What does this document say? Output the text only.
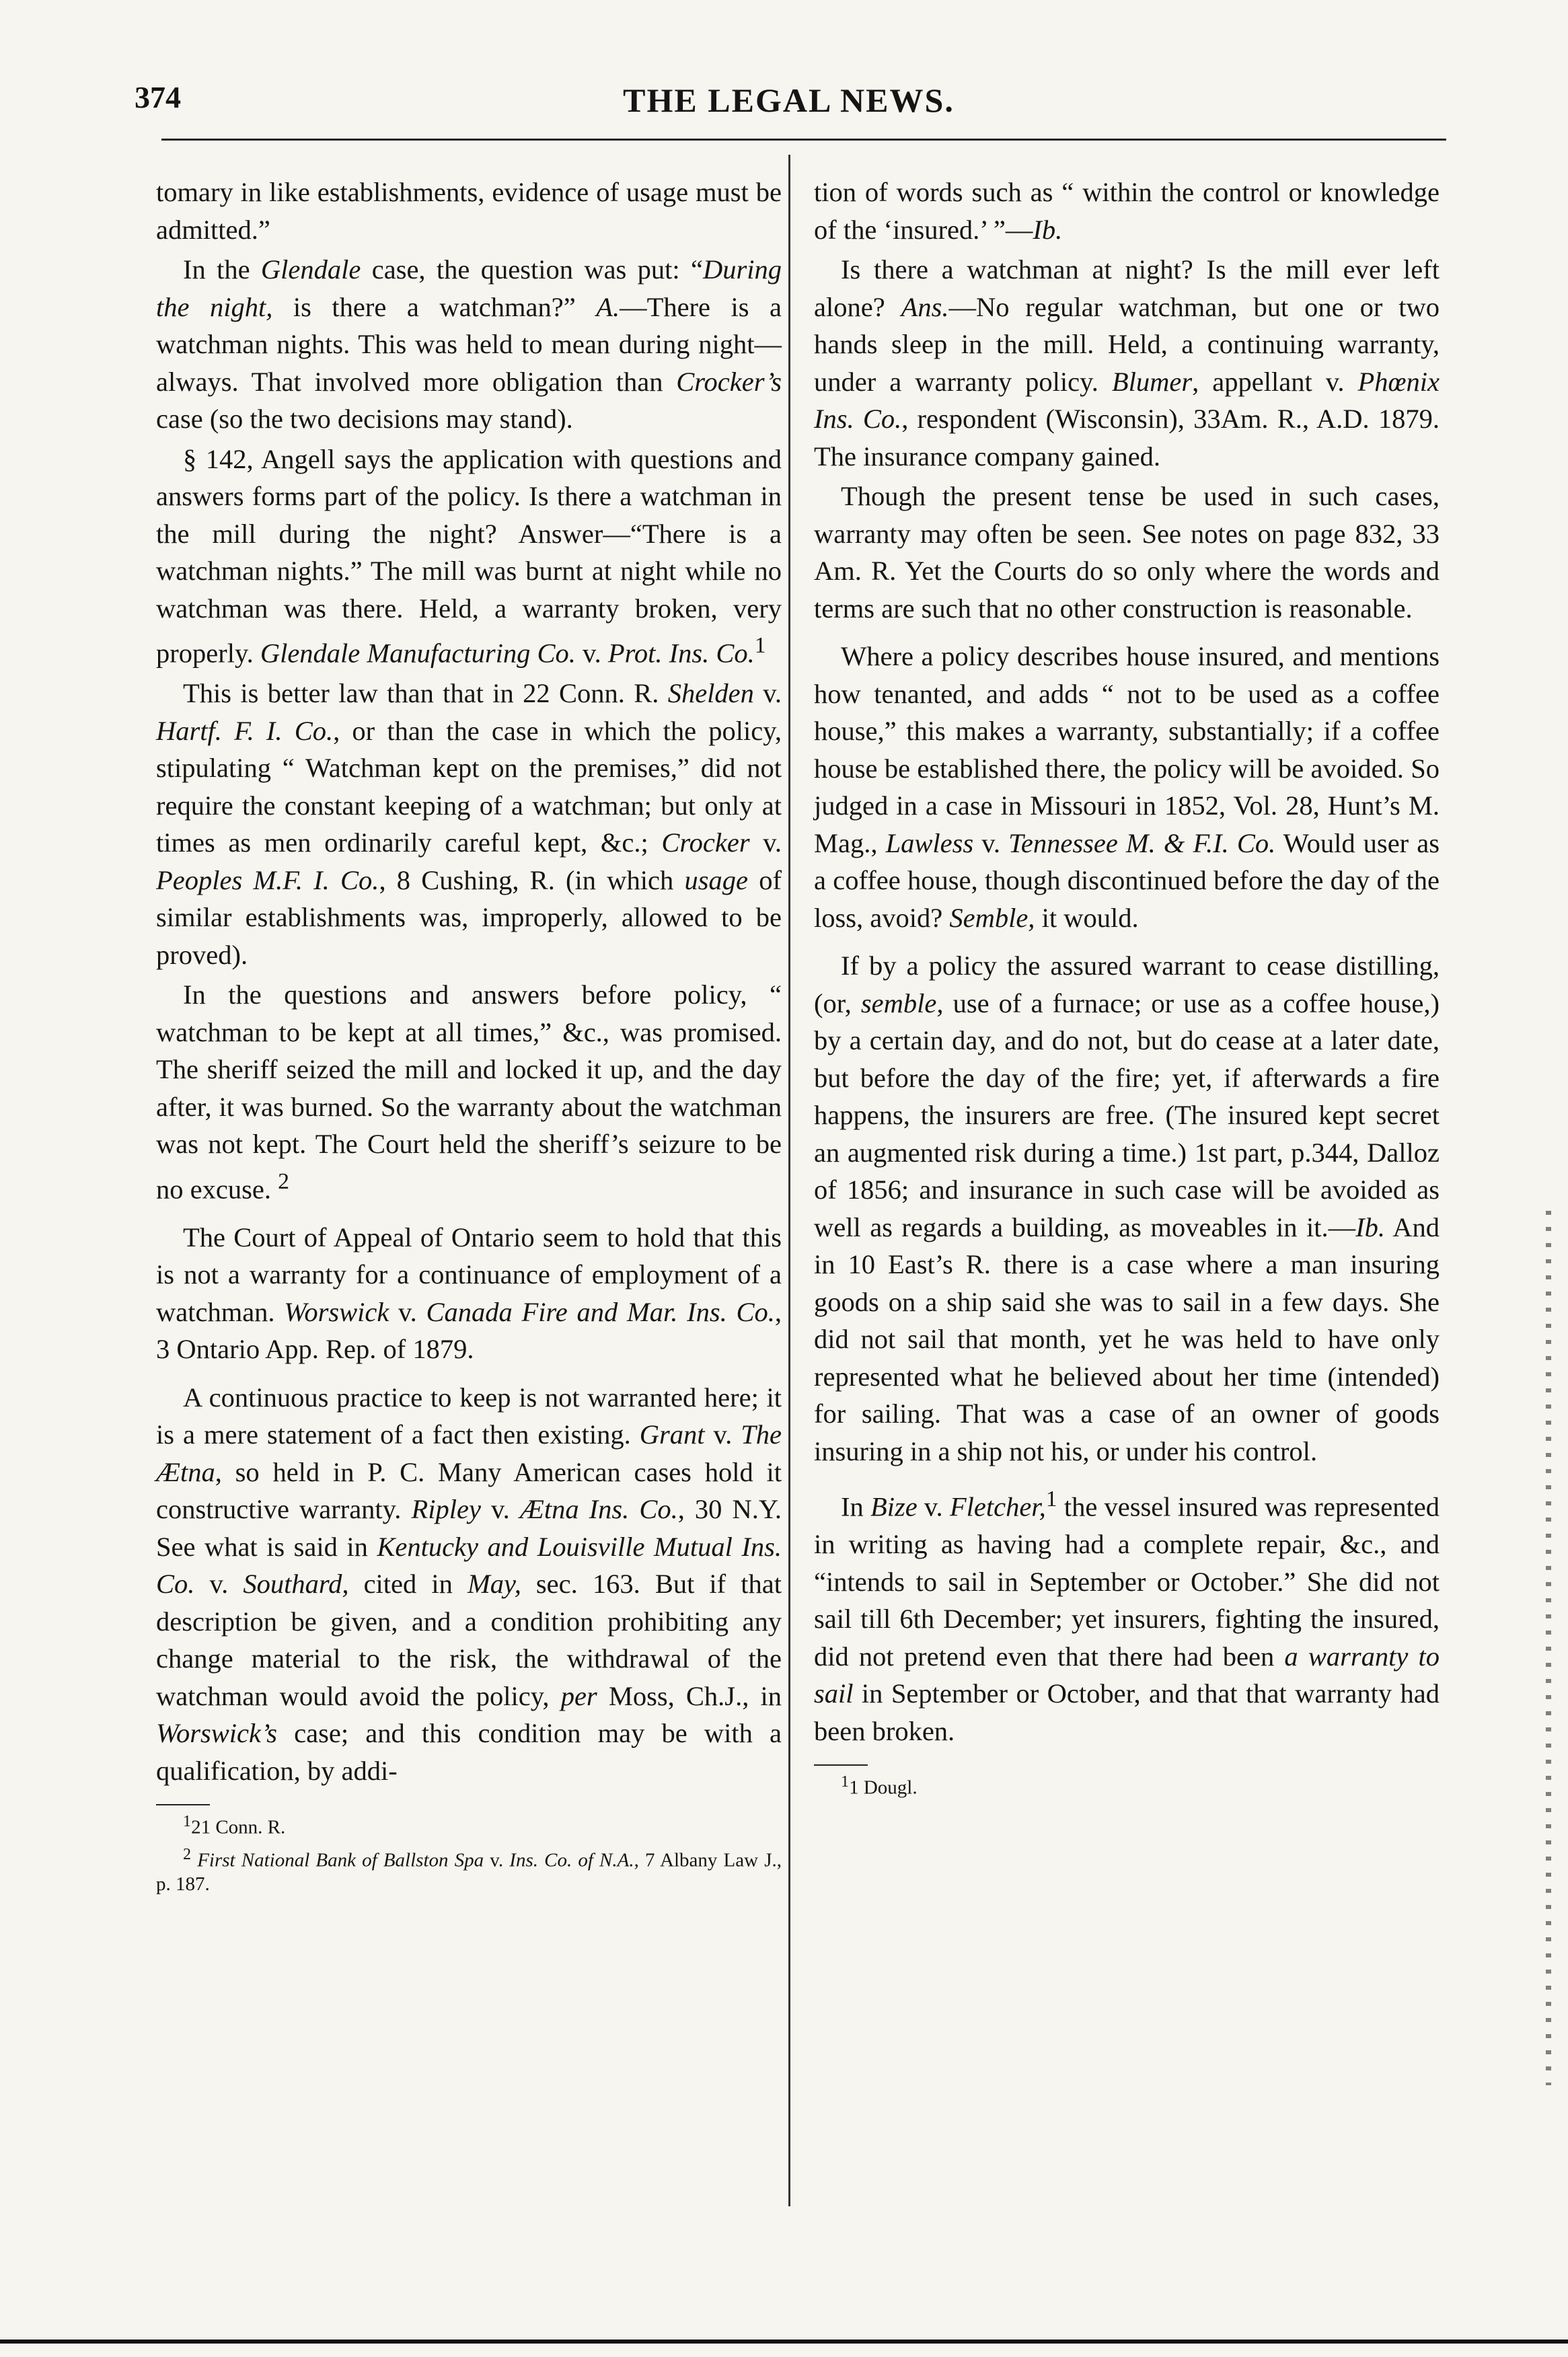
374	THE LEGAL NEWS.

tomary in like establishments, evidence of usage must be admitted.”

In the Glendale case, the question was put: “During the night, is there a watchman?” A.—There is a watchman nights. This was held to mean during night—always. That involved more obligation than Crocker’s case (so the two decisions may stand).

§ 142, Angell says the application with questions and answers forms part of the policy. Is there a watchman in the mill during the night? Answer—“There is a watchman nights.” The mill was burnt at night while no watchman was there. Held, a warranty broken, very properly. Glendale Manufacturing Co. v. Prot. Ins. Co.$^1$

This is better law than that in 22 Conn. R. Shelden v. Hartf. F. I. Co., or than the case in which the policy, stipulating “ Watchman kept on the premises,” did not require the constant keeping of a watchman; but only at times as men ordinarily careful kept, &c.; Crocker v. Peoples M.F. I. Co., 8 Cushing, R. (in which usage of similar establishments was, improperly, allowed to be proved).

In the questions and answers before policy, “ watchman to be kept at all times,” &c., was promised. The sheriff seized the mill and locked it up, and the day after, it was burned. So the warranty about the watchman was not kept. The Court held the sheriff’s seizure to be no excuse. $^2$

The Court of Appeal of Ontario seem to hold that this is not a warranty for a continuance of employment of a watchman. Worswick v. Canada Fire and Mar. Ins. Co., 3 Ontario App. Rep. of 1879.

A continuous practice to keep is not warranted here; it is a mere statement of a fact then existing. Grant v. The Ætna, so held in P. C. Many American cases hold it constructive warranty. Ripley v. Ætna Ins. Co., 30 N.Y. See what is said in Kentucky and Louisville Mutual Ins. Co. v. Southard, cited in May, sec. 163. But if that description be given, and a condition prohibiting any change material to the risk, the withdrawal of the watchman would avoid the policy, per Moss, Ch.J., in Worswick’s case; and this condition may be with a qualification, by addi-

$^1$21 Conn. R.

$^2$ First National Bank of Ballston Spa v. Ins. Co. of N.A., 7 Albany Law J., p. 187.

tion of words such as “ within the control or knowledge of the ‘insured.’ ”—Ib.

Is there a watchman at night? Is the mill ever left alone? Ans.—No regular watchman, but one or two hands sleep in the mill. Held, a continuing warranty, under a warranty policy. Blumer, appellant v. Phœnix Ins. Co., respondent (Wisconsin), 33Am. R., A.D. 1879. The insurance company gained.

Though the present tense be used in such cases, warranty may often be seen. See notes on page 832, 33 Am. R. Yet the Courts do so only where the words and terms are such that no other construction is reasonable.

Where a policy describes house insured, and mentions how tenanted, and adds “ not to be used as a coffee house,” this makes a warranty, substantially; if a coffee house be established there, the policy will be avoided. So judged in a case in Missouri in 1852, Vol. 28, Hunt’s M. Mag., Lawless v. Tennessee M. & F.I. Co. Would user as a coffee house, though discontinued before the day of the loss, avoid? Semble, it would.

If by a policy the assured warrant to cease distilling, (or, semble, use of a furnace; or use as a coffee house,) by a certain day, and do not, but do cease at a later date, but before the day of the fire; yet, if afterwards a fire happens, the insurers are free. (The insured kept secret an augmented risk during a time.) 1st part, p.344, Dalloz of 1856; and insurance in such case will be avoided as well as regards a building, as moveables in it.—Ib. And in 10 East’s R. there is a case where a man insuring goods on a ship said she was to sail in a few days. She did not sail that month, yet he was held to have only represented what he believed about her time (intended) for sailing. That was a case of an owner of goods insuring in a ship not his, or under his control.

In Bize v. Fletcher,$^1$ the vessel insured was represented in writing as having had a complete repair, &c., and “intends to sail in September or October.” She did not sail till 6th December; yet insurers, fighting the insured, did not pretend even that there had been a warranty to sail in September or October, and that that warranty had been broken.

$^1$1 Dougl.
